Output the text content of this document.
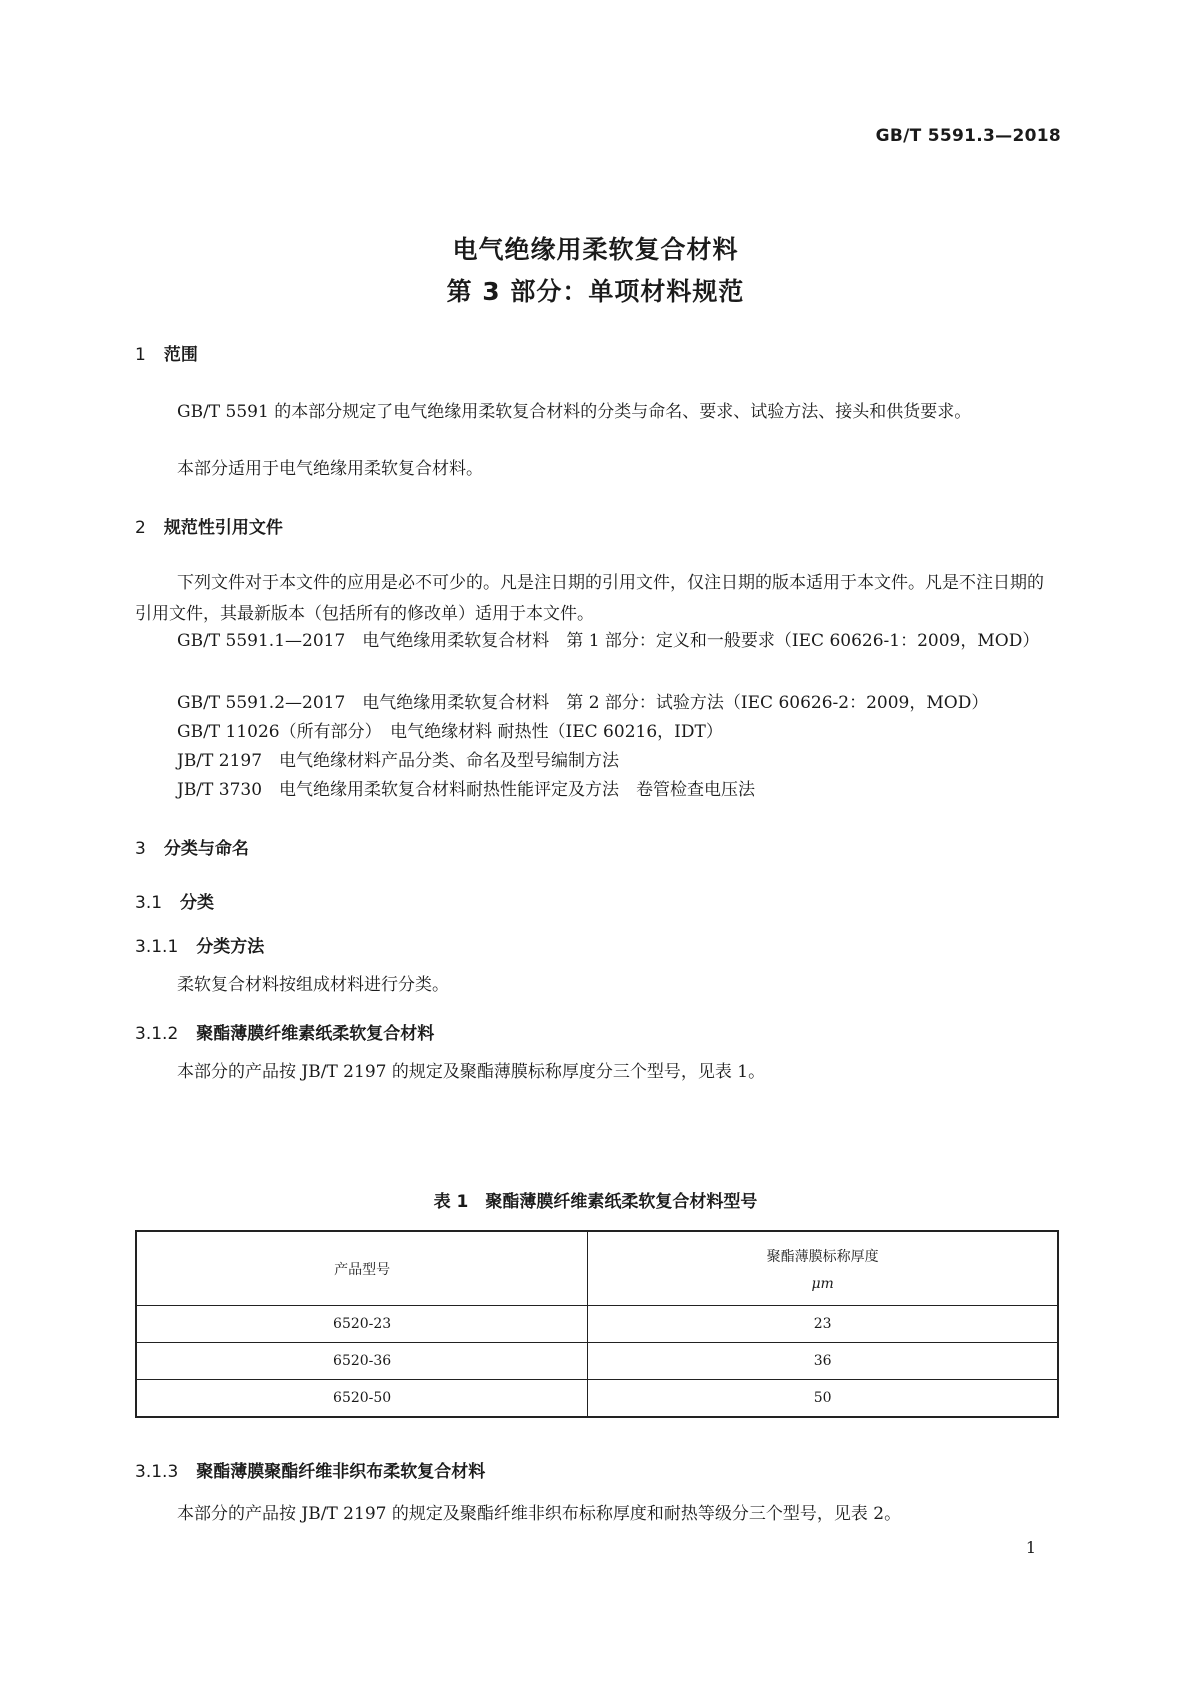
GB/T 5591.3—2018
电气绝缘用柔软复合材料
第 3 部分：单项材料规范
1 范围
GB/T 5591 的本部分规定了电气绝缘用柔软复合材料的分类与命名、要求、试验方法、接头和供货要求。
本部分适用于电气绝缘用柔软复合材料。
2 规范性引用文件
下列文件对于本文件的应用是必不可少的。凡是注日期的引用文件，仅注日期的版本适用于本文件。凡是不注日期的引用文件，其最新版本（包括所有的修改单）适用于本文件。
GB/T 5591.1—2017　电气绝缘用柔软复合材料　第 1 部分：定义和一般要求（IEC 60626-1：2009，MOD）
GB/T 5591.2—2017　电气绝缘用柔软复合材料　第 2 部分：试验方法（IEC 60626-2：2009，MOD）
GB/T 11026（所有部分）　电气绝缘材料 耐热性（IEC 60216，IDT）
JB/T 2197　电气绝缘材料产品分类、命名及型号编制方法
JB/T 3730　电气绝缘用柔软复合材料耐热性能评定及方法　卷管检查电压法
3 分类与命名
3.1 分类
3.1.1 分类方法
柔软复合材料按组成材料进行分类。
3.1.2 聚酯薄膜纤维素纸柔软复合材料
本部分的产品按 JB/T 2197 的规定及聚酯薄膜标称厚度分三个型号，见表 1。
表 1　聚酯薄膜纤维素纸柔软复合材料型号
产品型号	聚酯薄膜标称厚度
μm

6520-23	23
6520-36	36
6520-50	50
3.1.3 聚酯薄膜聚酯纤维非织布柔软复合材料
本部分的产品按 JB/T 2197 的规定及聚酯纤维非织布标称厚度和耐热等级分三个型号，见表 2。
1
